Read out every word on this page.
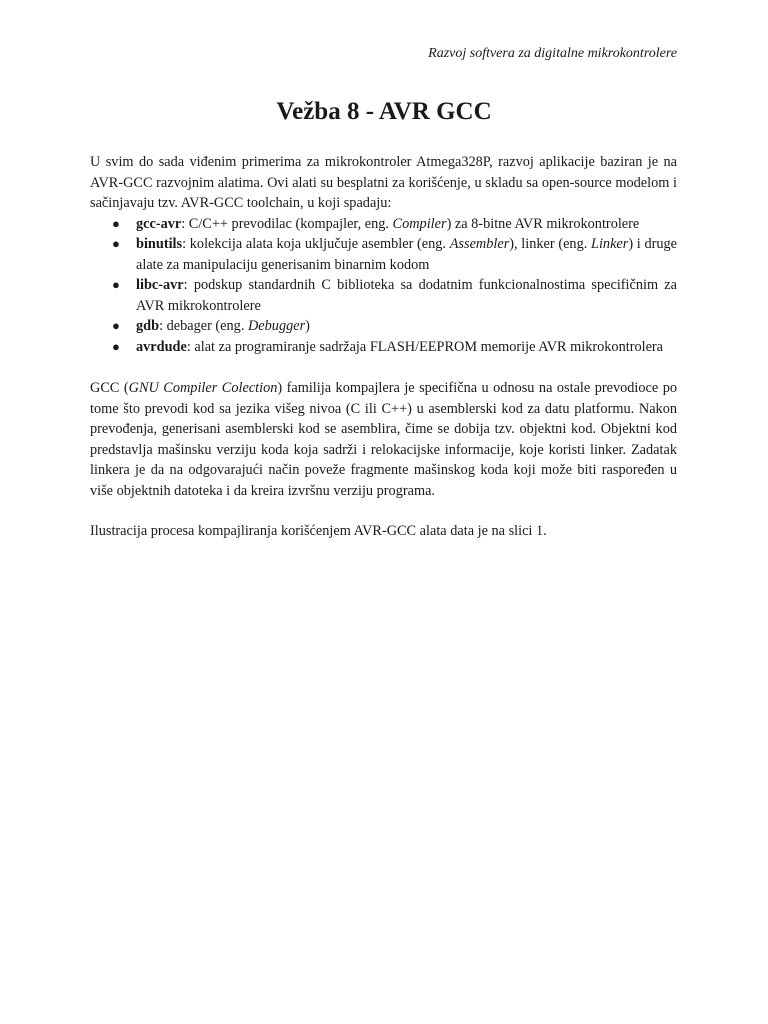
Razvoj softvera za digitalne mikrokontrolere
Vežba 8 - AVR GCC

U svim do sada viđenim primerima za mikrokontroler Atmega328P, razvoj aplikacije baziran je na AVR-GCC razvojnim alatima. Ovi alati su besplatni za korišćenje, u skladu sa open-source modelom i sačinjavaju tzv. AVR-GCC toolchain, u koji spadaju:

● gcc-avr: C/C++ prevodilac (kompajler, eng. Compiler) za 8-bitne AVR mikrokontrolere
● binutils: kolekcija alata koja uključuje asembler (eng. Assembler), linker (eng. Linker) i druge alate za manipulaciju generisanim binarnim kodom
● libc-avr: podskup standardnih C biblioteka sa dodatnim funkcionalnostima specifičnim za AVR mikrokontrolere
● gdb: debager (eng. Debugger)
● avrdude: alat za programiranje sadržaja FLASH/EEPROM memorije AVR mikrokontrolera

GCC (GNU Compiler Colection) familija kompajlera je specifična u odnosu na ostale prevodioce po tome što prevodi kod sa jezika višeg nivoa (C ili C++) u asemblerski kod za datu platformu. Nakon prevođenja, generisani asemblerski kod se asemblira, čime se dobija tzv. objektni kod. Objektni kod predstavlja mašinsku verziju koda koja sadrži i relokacijske informacije, koje koristi linker. Zadatak linkera je da na odgovarajući način poveže fragmente mašinskog koda koji može biti raspoređen u više objektnih datoteka i da kreira izvršnu verziju programa.

Ilustracija procesa kompajliranja korišćenjem AVR-GCC alata data je na slici 1.
